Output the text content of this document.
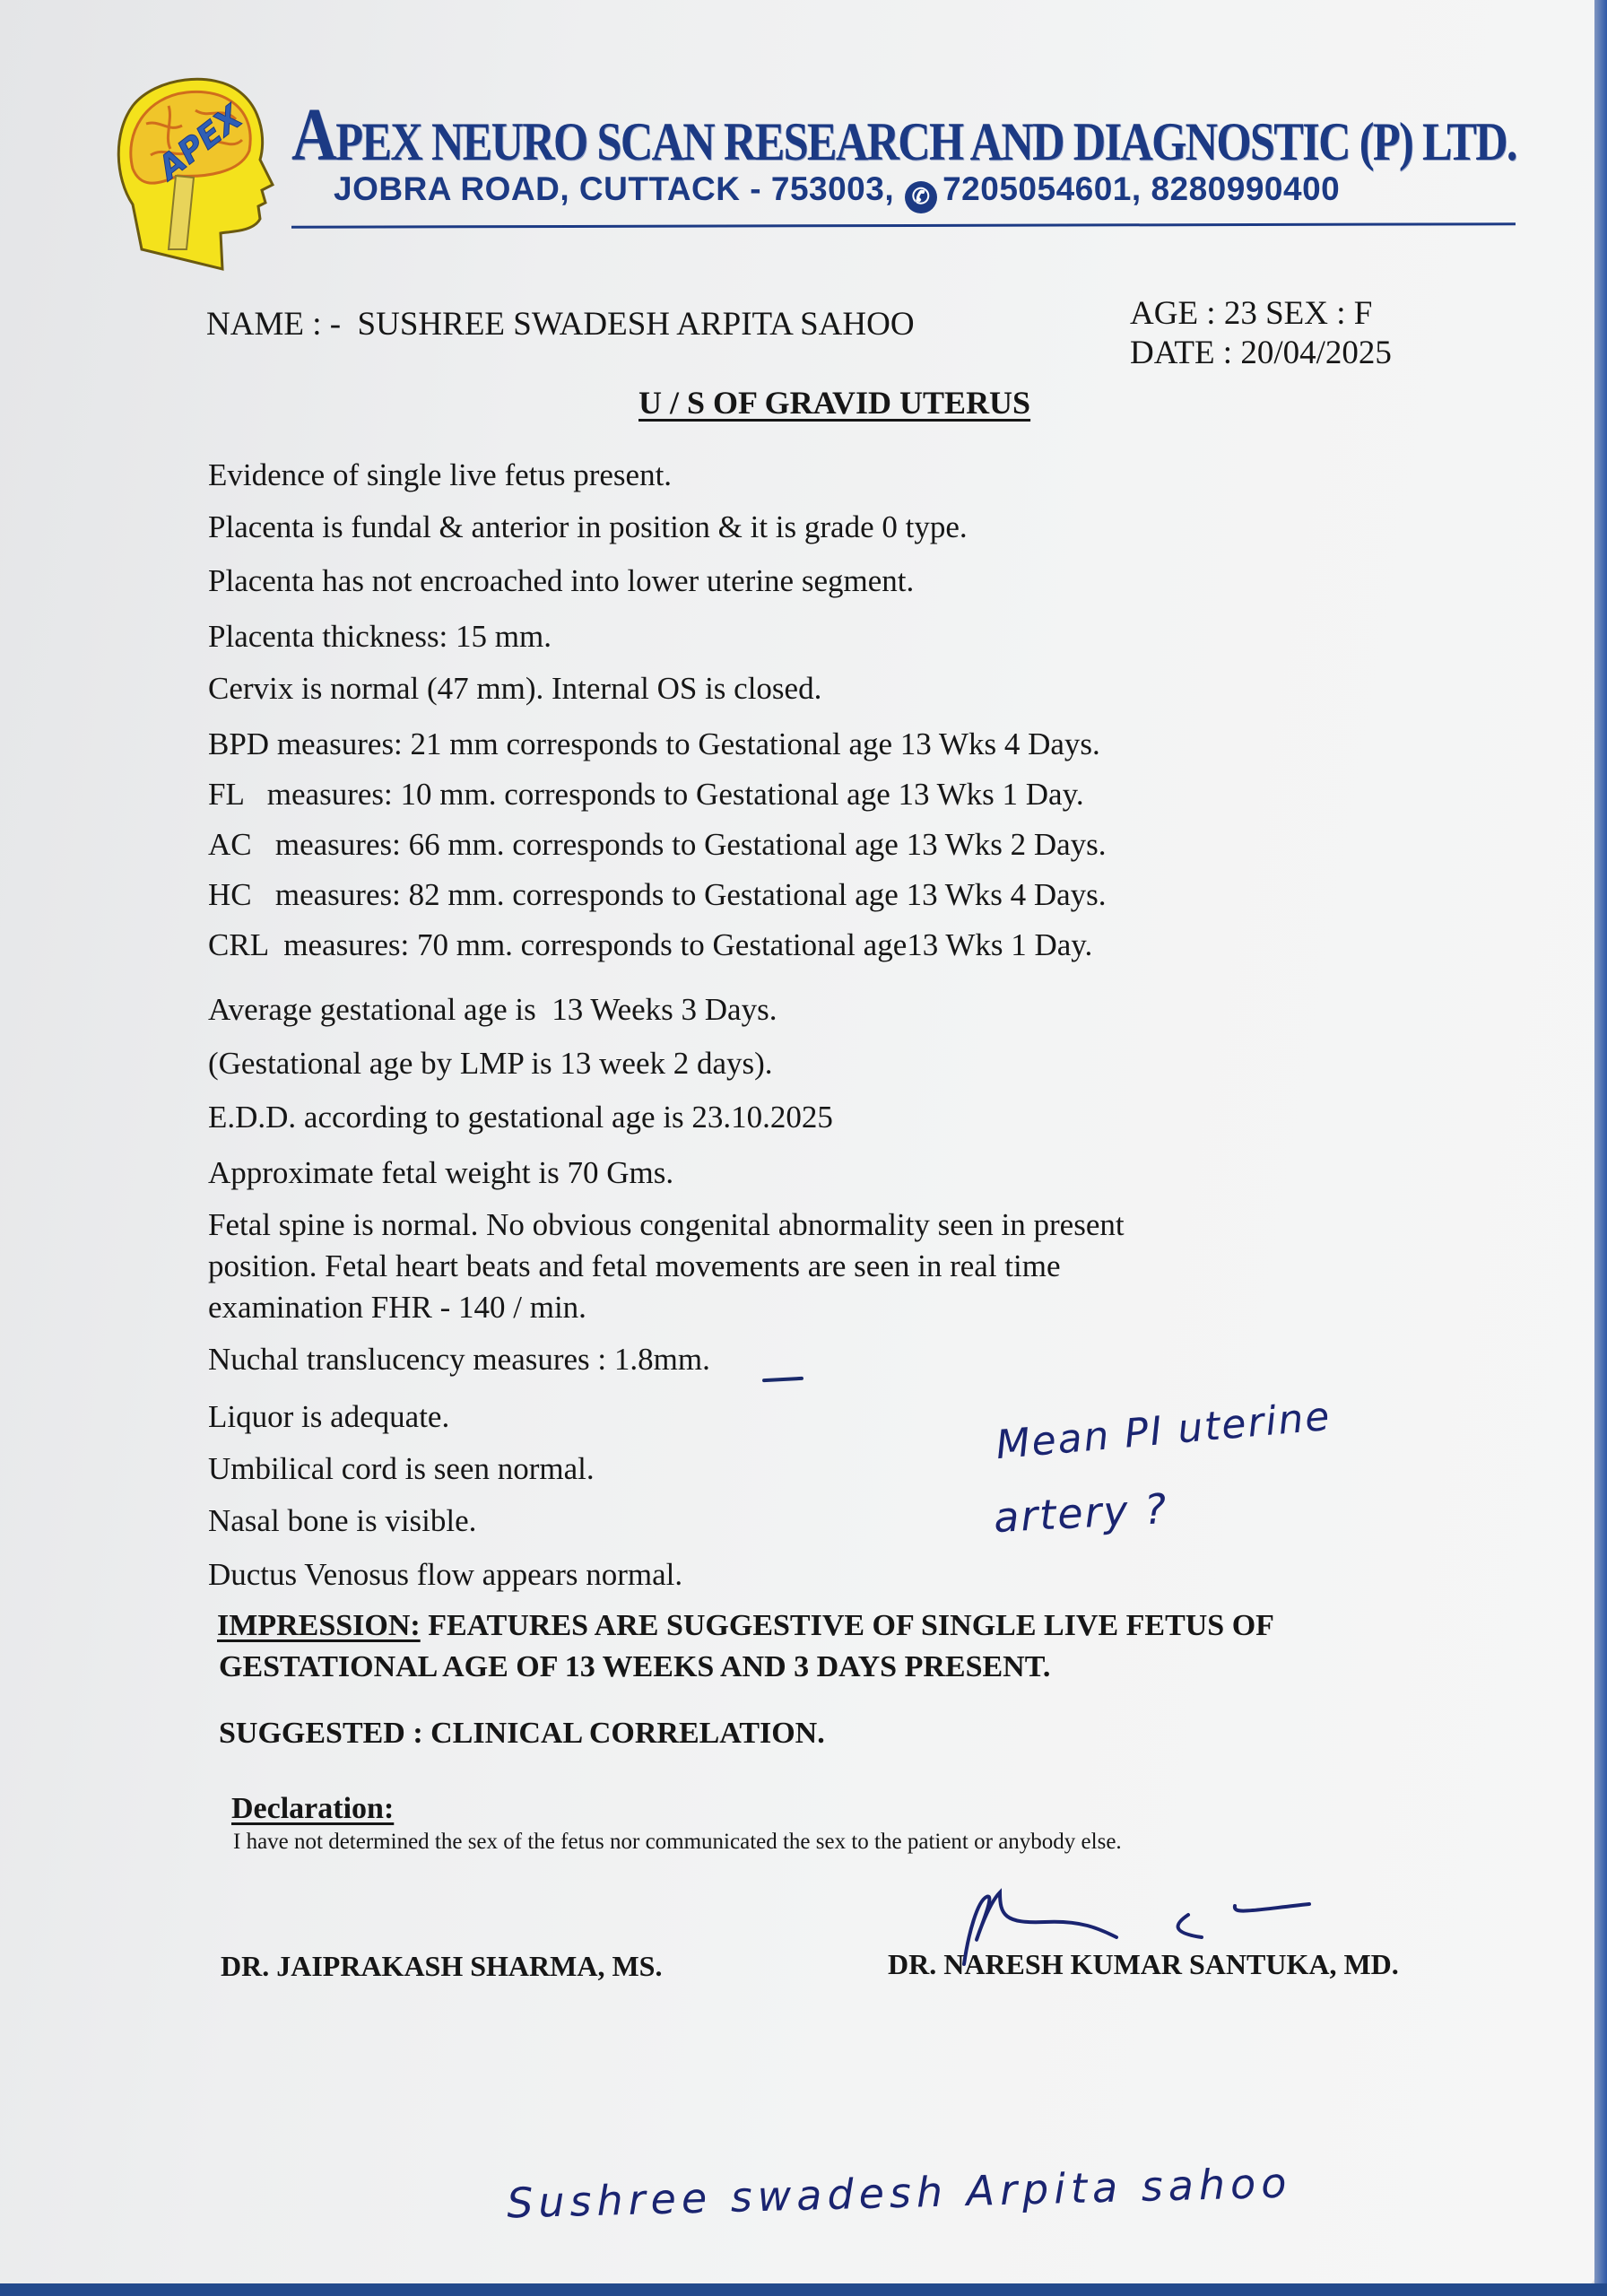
APEX APEX NEURO SCAN RESEARCH AND DIAGNOSTIC (P) LTD.
JOBRA ROAD, CUTTACK - 753003, ✆ 7205054601, 8280990400
NAME : - SUSHREE SWADESH ARPITA SAHOO	AGE : 23 SEX : F
DATE : 20/04/2025
U / S OF GRAVID UTERUS
Evidence of single live fetus present.
Placenta is fundal & anterior in position & it is grade 0 type.
Placenta has not encroached into lower uterine segment.
Placenta thickness: 15 mm.
Cervix is normal (47 mm). Internal OS is closed.
BPD measures: 21 mm corresponds to Gestational age 13 Wks 4 Days.
FL   measures: 10 mm. corresponds to Gestational age 13 Wks 1 Day.
AC   measures: 66 mm. corresponds to Gestational age 13 Wks 2 Days.
HC   measures: 82 mm. corresponds to Gestational age 13 Wks 4 Days.
CRL  measures: 70 mm. corresponds to Gestational age13 Wks 1 Day.
Average gestational age is  13 Weeks 3 Days.
(Gestational age by LMP is 13 week 2 days).
E.D.D. according to gestational age is 23.10.2025
Approximate fetal weight is 70 Gms.
Fetal spine is normal. No obvious congenital abnormality seen in present
position. Fetal heart beats and fetal movements are seen in real time
examination FHR - 140 / min.
Nuchal translucency measures : 1.8mm.
Liquor is adequate.
Umbilical cord is seen normal.
Nasal bone is visible.
Ductus Venosus flow appears normal.
Mean PI uterine
artery ?
IMPRESSION: FEATURES ARE SUGGESTIVE OF SINGLE LIVE FETUS OF
GESTATIONAL AGE OF 13 WEEKS AND 3 DAYS PRESENT.
SUGGESTED : CLINICAL CORRELATION.
Declaration:
I have not determined the sex of the fetus nor communicated the sex to the patient or anybody else.
DR. JAIPRAKASH SHARMA, MS.	DR. NARESH KUMAR SANTUKA, MD.
Sushree swadesh Arpita sahoo
